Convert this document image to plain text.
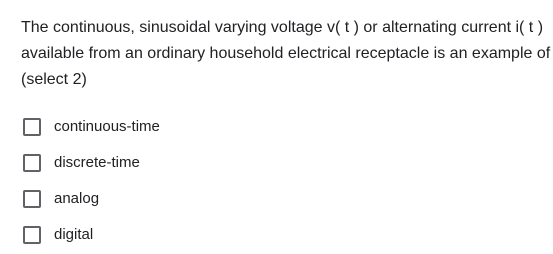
The continuous, sinusoidal varying voltage v( t ) or alternating current i( t ) available from an ordinary household electrical receptacle is an example of (select 2)
continuous-time
discrete-time
analog
digital
